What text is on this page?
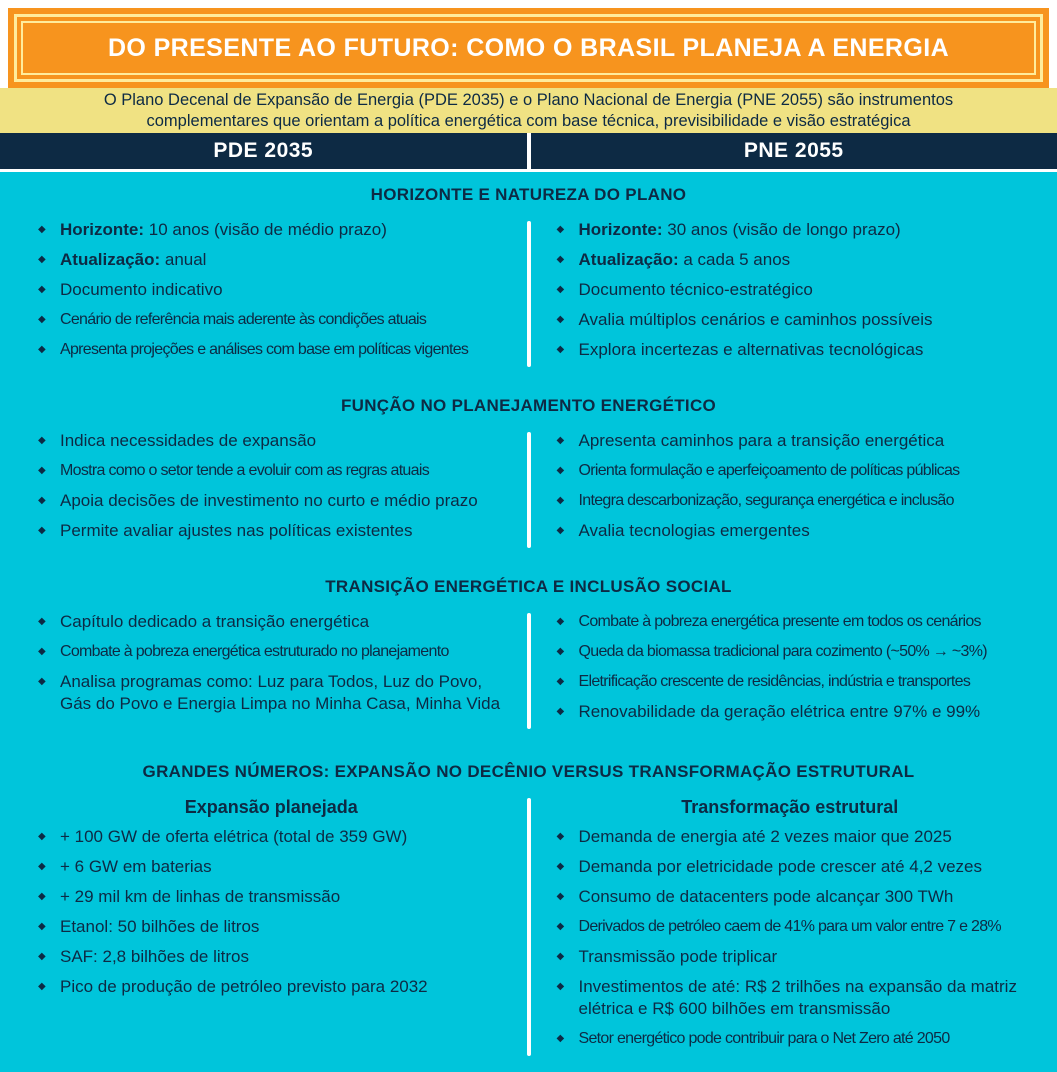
DO PRESENTE AO FUTURO: COMO O BRASIL PLANEJA A ENERGIA

O Plano Decenal de Expansão de Energia (PDE 2035) e o Plano Nacional de Energia (PNE 2055) são instrumentos complementares que orientam a política energética com base técnica, previsibilidade e visão estratégica

PDE 2035	PNE 2055
HORIZONTE E NATUREZA DO PLANO
◆ Horizonte: 10 anos (visão de médio prazo)
◆ Atualização: anual
◆ Documento indicativo
◆ Cenário de referência mais aderente às condições atuais
◆ Apresenta projeções e análises com base em políticas vigentes
◆ Horizonte: 30 anos (visão de longo prazo)
◆ Atualização: a cada 5 anos
◆ Documento técnico-estratégico
◆ Avalia múltiplos cenários e caminhos possíveis
◆ Explora incertezas e alternativas tecnológicas
FUNÇÃO NO PLANEJAMENTO ENERGÉTICO
◆ Indica necessidades de expansão
◆ Mostra como o setor tende a evoluir com as regras atuais
◆ Apoia decisões de investimento no curto e médio prazo
◆ Permite avaliar ajustes nas políticas existentes
◆ Apresenta caminhos para a transição energética
◆ Orienta formulação e aperfeiçoamento de políticas públicas
◆ Integra descarbonização, segurança energética e inclusão
◆ Avalia tecnologias emergentes
TRANSIÇÃO ENERGÉTICA E INCLUSÃO SOCIAL
◆ Capítulo dedicado a transição energética
◆ Combate à pobreza energética estruturado no planejamento
◆ Analisa programas como: Luz para Todos, Luz do Povo, Gás do Povo e Energia Limpa no Minha Casa, Minha Vida
◆ Combate à pobreza energética presente em todos os cenários
◆ Queda da biomassa tradicional para cozimento (~50% → ~3%)
◆ Eletrificação crescente de residências, indústria e transportes
◆ Renovabilidade da geração elétrica entre 97% e 99%
GRANDES NÚMEROS: EXPANSÃO NO DECÊNIO VERSUS TRANSFORMAÇÃO ESTRUTURAL
Expansão planejada
◆ + 100 GW de oferta elétrica (total de 359 GW)
◆ + 6 GW em baterias
◆ + 29 mil km de linhas de transmissão
◆ Etanol: 50 bilhões de litros
◆ SAF: 2,8 bilhões de litros
◆ Pico de produção de petróleo previsto para 2032
Transformação estrutural
◆ Demanda de energia até 2 vezes maior que 2025
◆ Demanda por eletricidade pode crescer até 4,2 vezes
◆ Consumo de datacenters pode alcançar 300 TWh
◆ Derivados de petróleo caem de 41% para um valor entre 7 e 28%
◆ Transmissão pode triplicar
◆ Investimentos de até: R$ 2 trilhões na expansão da matriz elétrica e R$ 600 bilhões em transmissão
◆ Setor energético pode contribuir para o Net Zero até 2050
